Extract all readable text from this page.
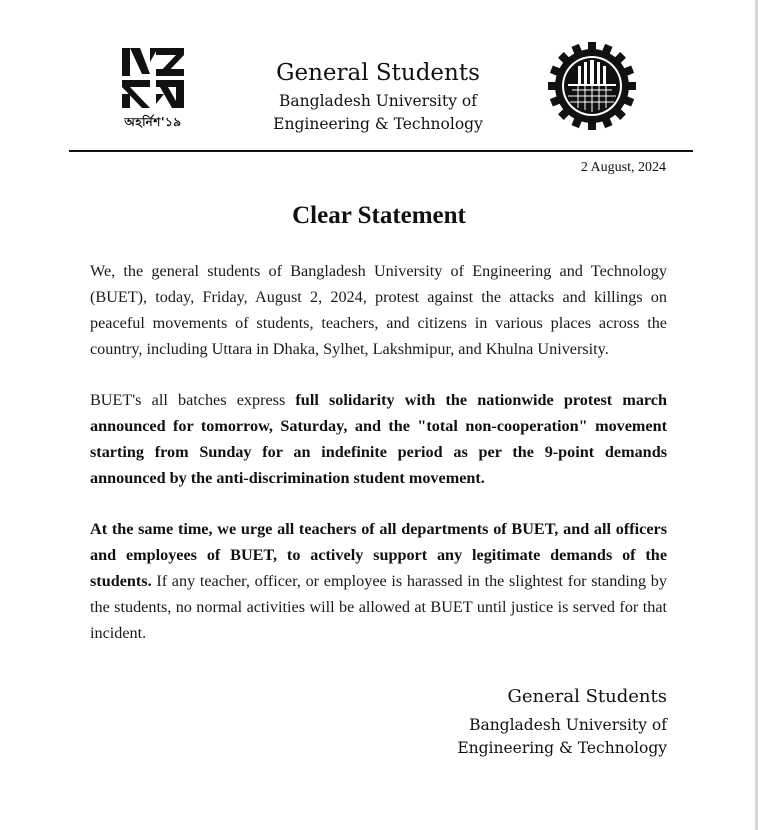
অহর্নিশ'১৯
General Students
Bangladesh University of
Engineering & Technology
2 August, 2024
Clear Statement

We, the general students of Bangladesh University of Engineering and Technology (BUET), today, Friday, August 2, 2024, protest against the attacks and killings on peaceful movements of students, teachers, and citizens in various places across the country, including Uttara in Dhaka, Sylhet, Lakshmipur, and Khulna University.

BUET's all batches express full solidarity with the nationwide protest march announced for tomorrow, Saturday, and the "total non-cooperation" movement starting from Sunday for an indefinite period as per the 9-point demands announced by the anti-discrimination student movement.

At the same time, we urge all teachers of all departments of BUET, and all officers and employees of BUET, to actively support any legitimate demands of the students. If any teacher, officer, or employee is harassed in the slightest for standing by the students, no normal activities will be allowed at BUET until justice is served for that incident.

General Students
Bangladesh University of
Engineering & Technology
